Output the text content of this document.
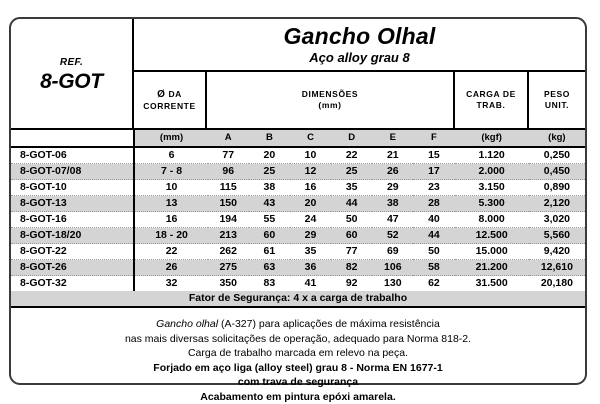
REF.
8-GOT
Gancho Olhal
Aço alloy grau 8
Ø DA
CORRENTE
DIMENSÕES
(mm)
CARGA DE
TRAB.
PESO
UNIT.
	(mm)	A	B	C	D	E	F	(kgf)	(kg)
8-GOT-06	6	77	20	10	22	21	15	1.120	0,250
8-GOT-07/08	7 - 8	96	25	12	25	26	17	2.000	0,450
8-GOT-10	10	115	38	16	35	29	23	3.150	0,890
8-GOT-13	13	150	43	20	44	38	28	5.300	2,120
8-GOT-16	16	194	55	24	50	47	40	8.000	3,020
8-GOT-18/20	18 - 20	213	60	29	60	52	44	12.500	5,560
8-GOT-22	22	262	61	35	77	69	50	15.000	9,420
8-GOT-26	26	275	63	36	82	106	58	21.200	12,610
8-GOT-32	32	350	83	41	92	130	62	31.500	20,180
Fator de Segurança: 4 x a carga de trabalho									
Gancho olhal (A-327) para aplicações de máxima resistência
nas mais diversas solicitações de operação, adequado para Norma 818-2.
Carga de trabalho marcada em relevo na peça.
Forjado em aço liga (alloy steel) grau 8 - Norma EN 1677-1
com trava de segurança
Acabamento em pintura epóxi amarela.
